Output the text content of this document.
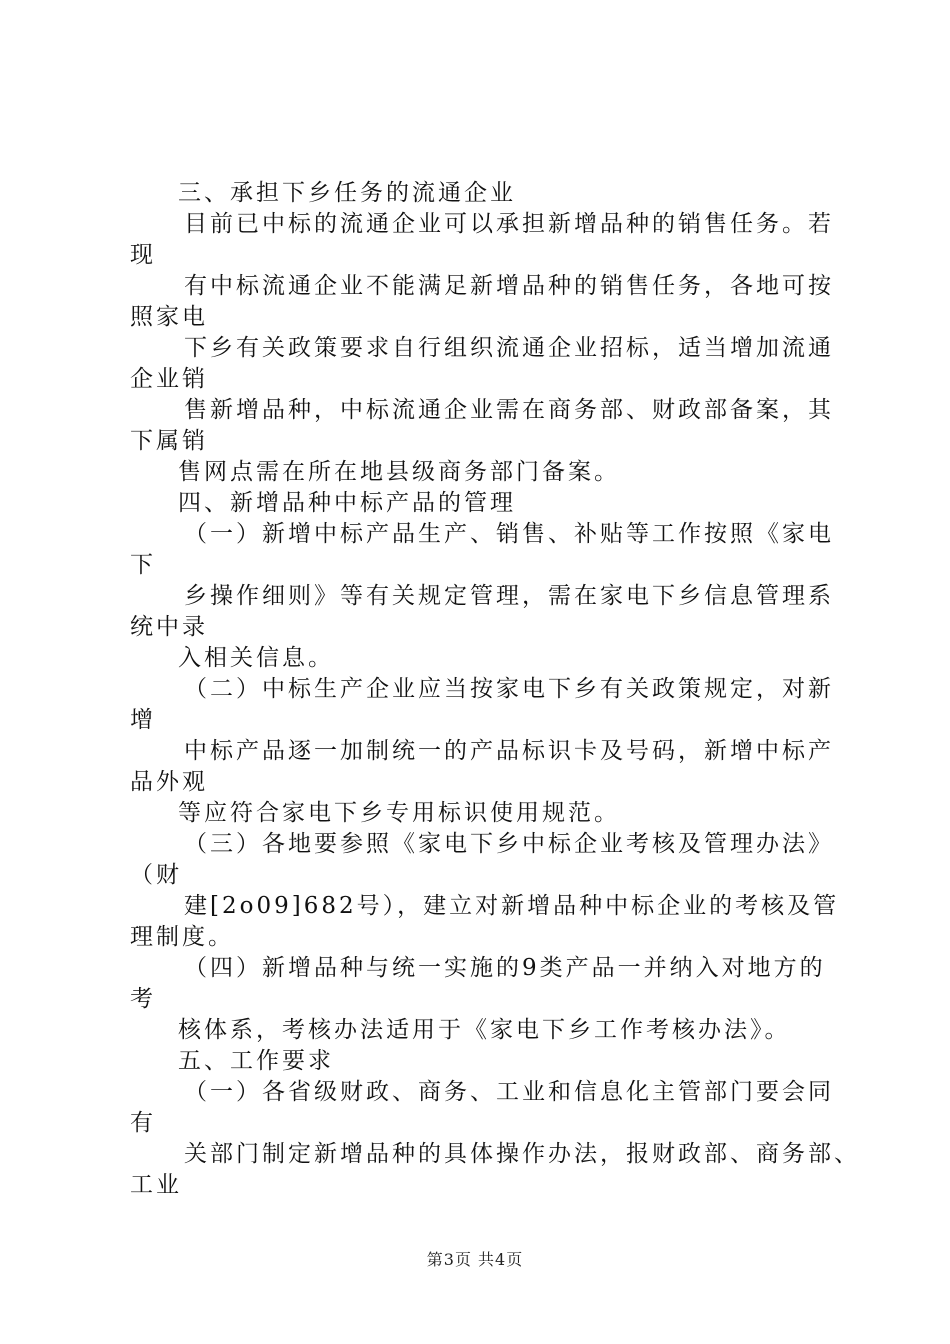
三、承担下乡任务的流通企业
目前已中标的流通企业可以承担新增品种的销售任务。若
现
有中标流通企业不能满足新增品种的销售任务，各地可按
照家电
下乡有关政策要求自行组织流通企业招标，适当增加流通
企业销
售新增品种，中标流通企业需在商务部、财政部备案，其
下属销
售网点需在所在地县级商务部门备案。
四、新增品种中标产品的管理
（一）新增中标产品生产、销售、补贴等工作按照《家电
下
乡操作细则》等有关规定管理，需在家电下乡信息管理系
统中录
入相关信息。
（二）中标生产企业应当按家电下乡有关政策规定，对新
增
中标产品逐一加制统一的产品标识卡及号码，新增中标产
品外观
等应符合家电下乡专用标识使用规范。
（三）各地要参照《家电下乡中标企业考核及管理办法》
（财
建[2o09]682号），建立对新增品种中标企业的考核及管
理制度。
（四）新增品种与统一实施的9类产品一并纳入对地方的
考
核体系，考核办法适用于《家电下乡工作考核办法》。
五、工作要求
（一）各省级财政、商务、工业和信息化主管部门要会同
有
关部门制定新增品种的具体操作办法，报财政部、商务部、
工业
第3页 共4页
